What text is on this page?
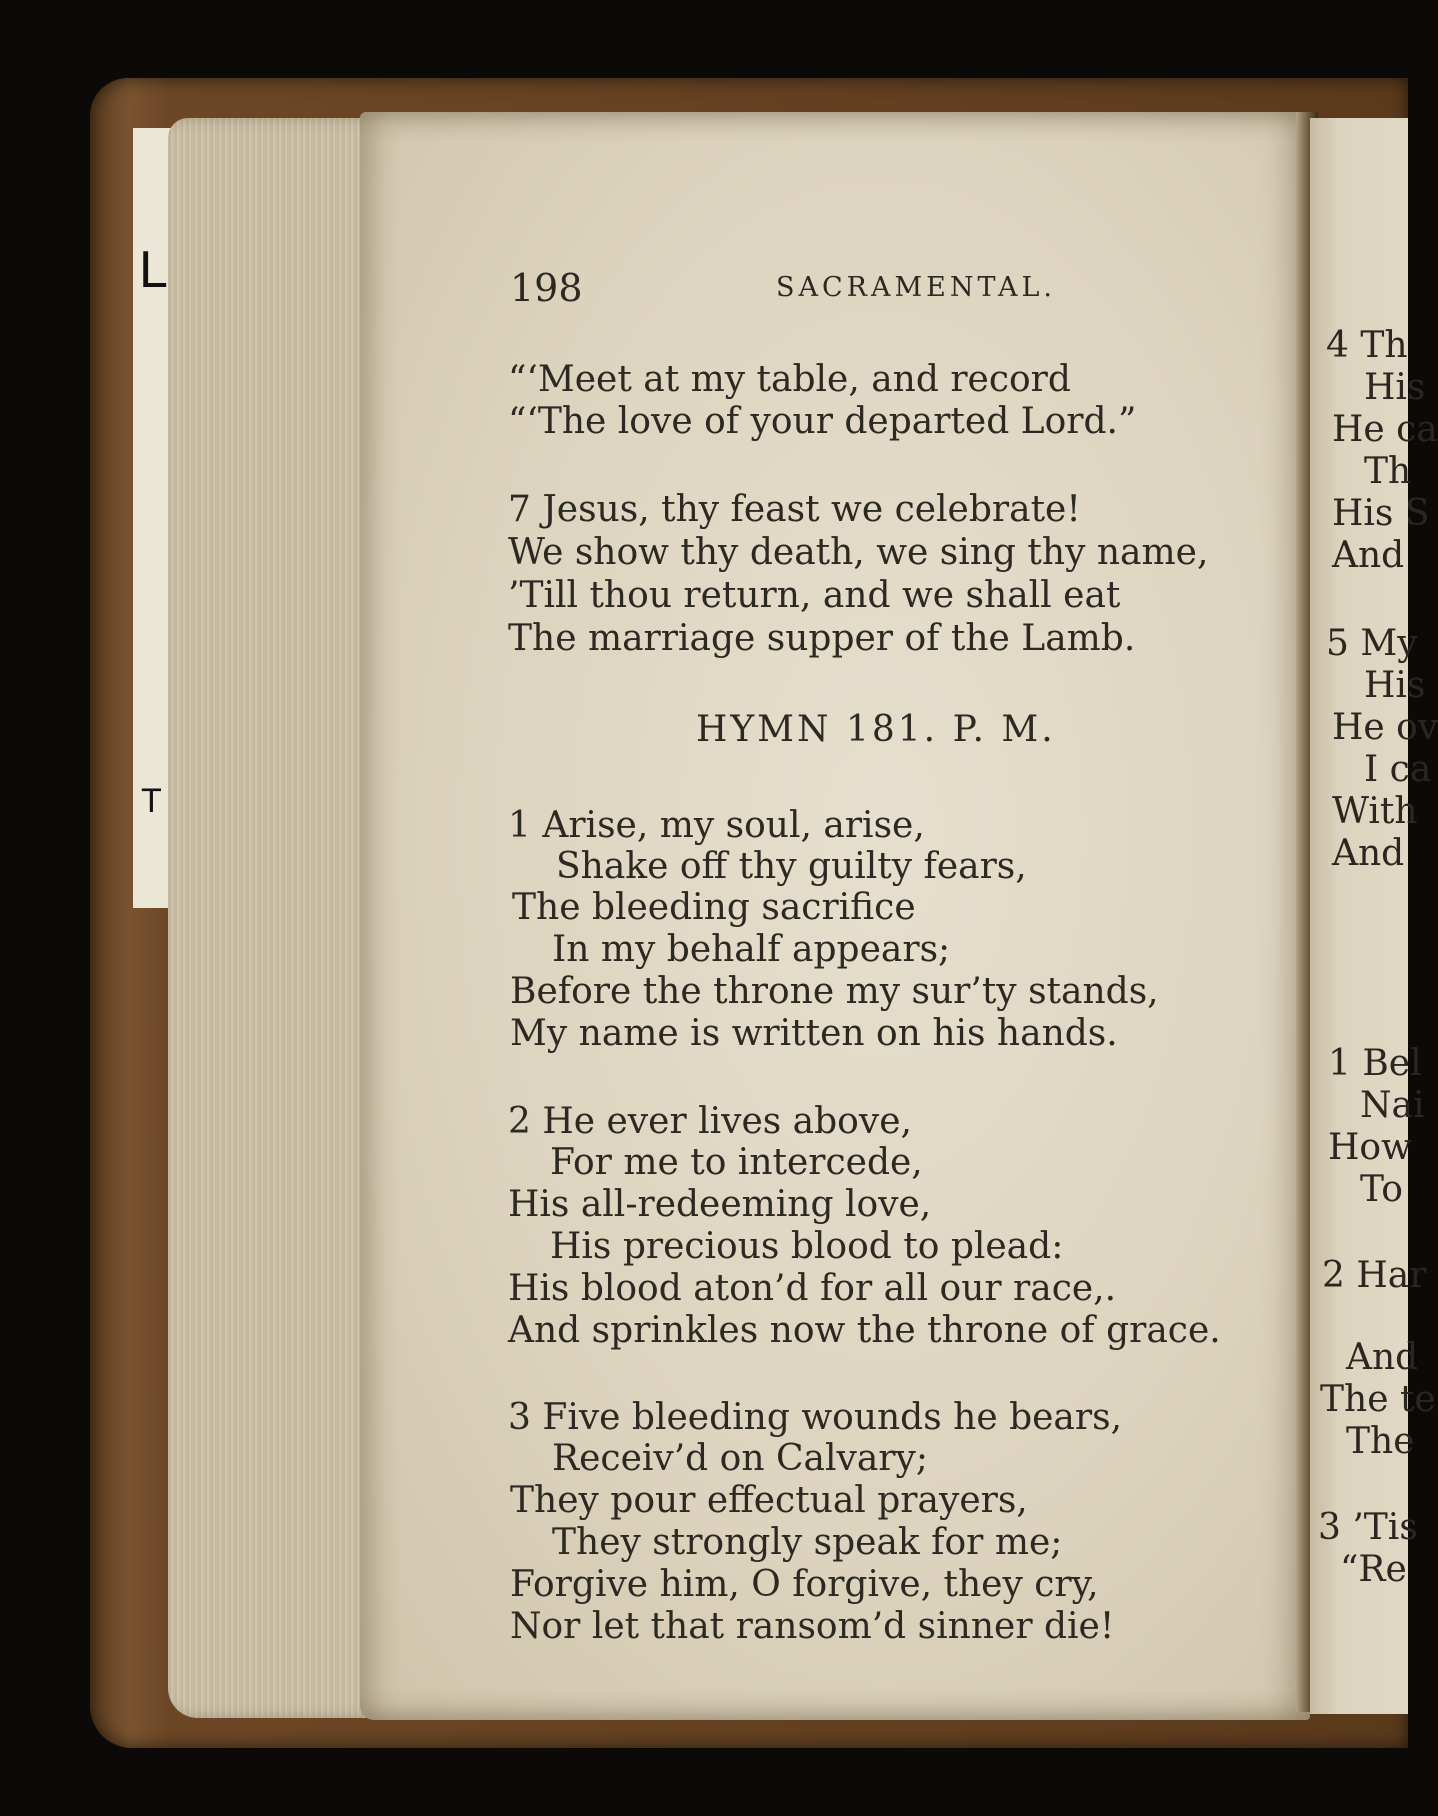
L
T
198	SACRAMENTAL.
“‘Meet at my table, and record
“‘The love of your departed Lord.”
7 Jesus, thy feast we celebrate!
We show thy death, we sing thy name,
’Till thou return, and we shall eat
The marriage supper of the Lamb.
HYMN 181. P. M.
1 Arise, my soul, arise,
Shake off thy guilty fears,
The bleeding sacrifice
In my behalf appears;
Before the throne my sur’ty stands,
My name is written on his hands.
2 He ever lives above,
For me to intercede,
His all-redeeming love,
His precious blood to plead:
His blood aton’d for all our race,.
And sprinkles now the throne of grace.
3 Five bleeding wounds he bears,
Receiv’d on Calvary;
They pour effectual prayers,
They strongly speak for me;
Forgive him, O forgive, they cry,
Nor let that ransom’d sinner die!
4 Th
His
He ca
Th
His S
And
5 My
His
He ov
I ca
With
And
1 Bel
Nai
How
To
2 Har
And
The te
The
3 ’Tis
“Re
